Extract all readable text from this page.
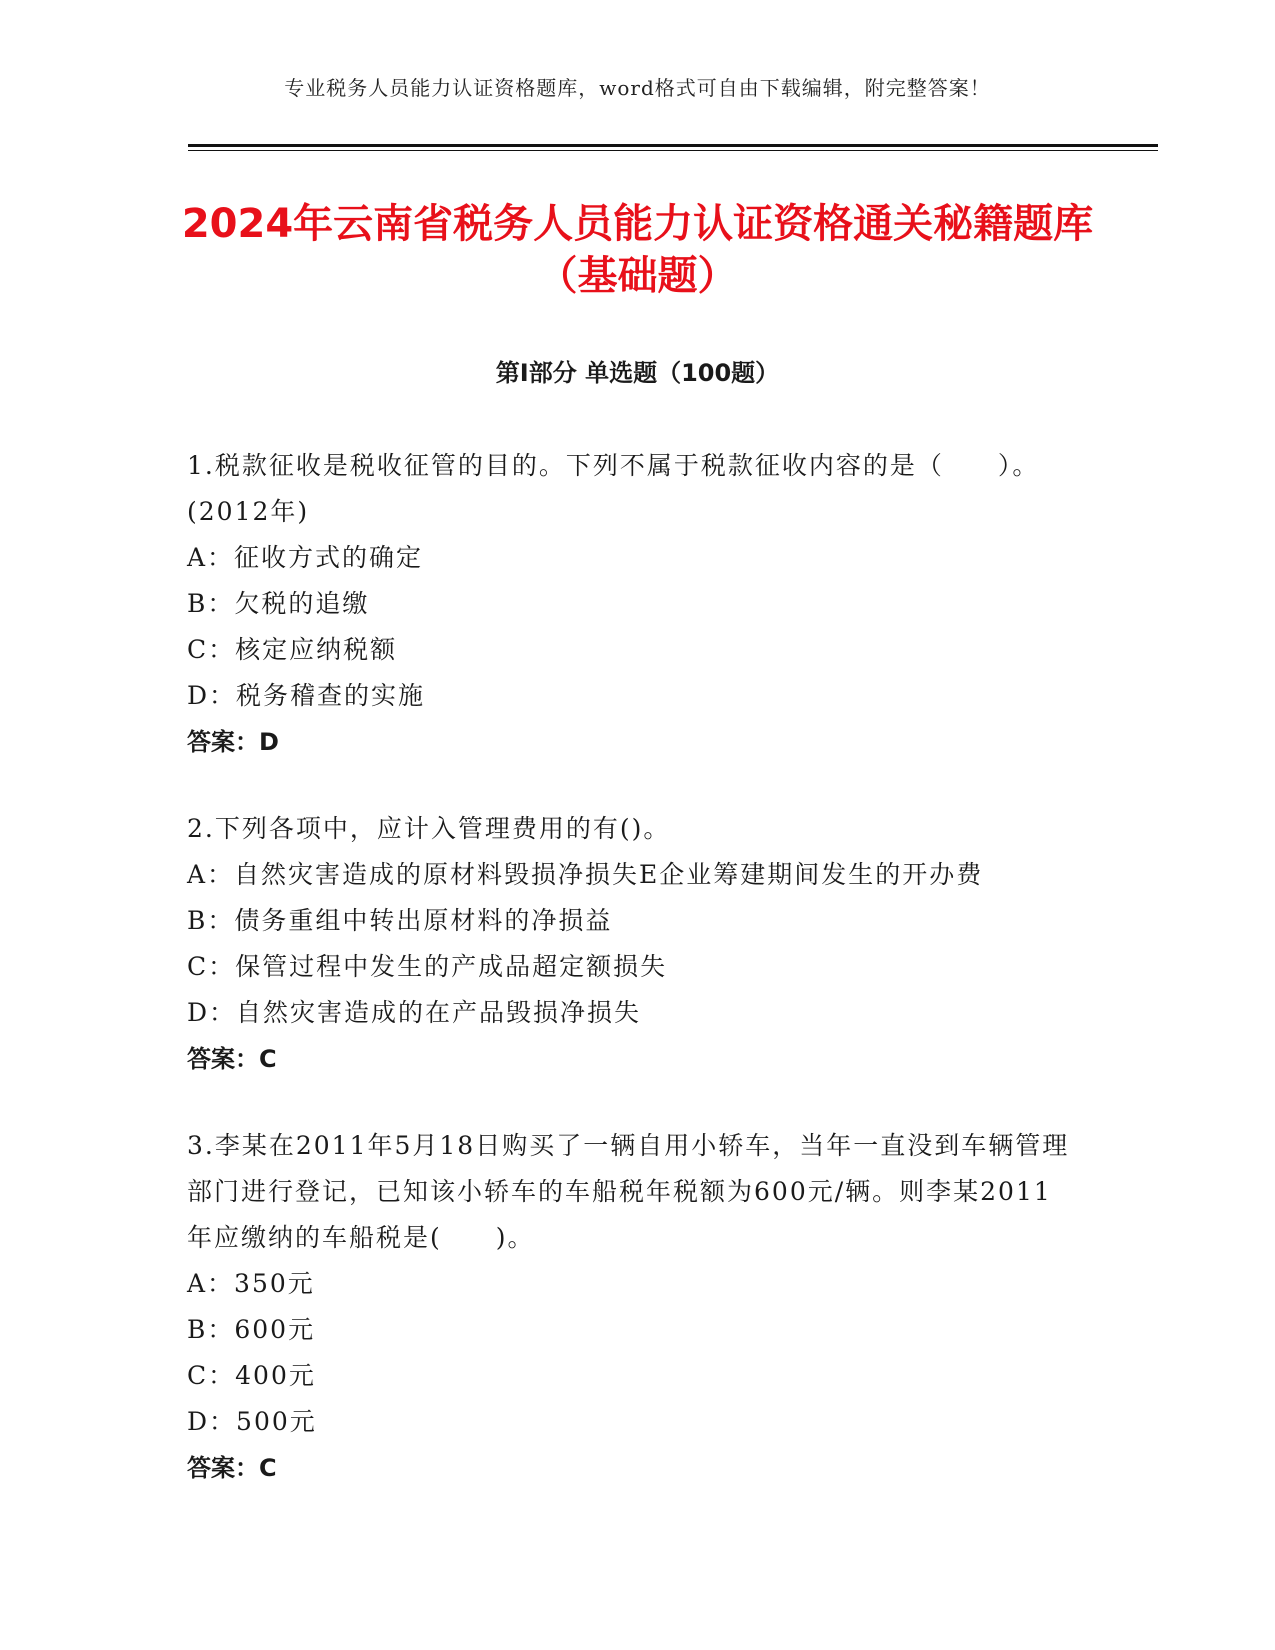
专业税务人员能力认证资格题库，word格式可自由下载编辑，附完整答案！
2024年云南省税务人员能力认证资格通关秘籍题库（基础题）
第Ⅰ部分 单选题（100题）
1.税款征收是税收征管的目的。下列不属于税款征收内容的是（　　）。(2012年)
A：征收方式的确定
B：欠税的追缴
C：核定应纳税额
D：税务稽查的实施
答案：D
2.下列各项中，应计入管理费用的有()。
A：自然灾害造成的原材料毁损净损失E企业筹建期间发生的开办费
B：债务重组中转出原材料的净损益
C：保管过程中发生的产成品超定额损失
D：自然灾害造成的在产品毁损净损失
答案：C
3.李某在2011年5月18日购买了一辆自用小轿车，当年一直没到车辆管理部门进行登记，已知该小轿车的车船税年税额为600元/辆。则李某2011年应缴纳的车船税是(　　)。
A：350元
B：600元
C：400元
D：500元
答案：C
